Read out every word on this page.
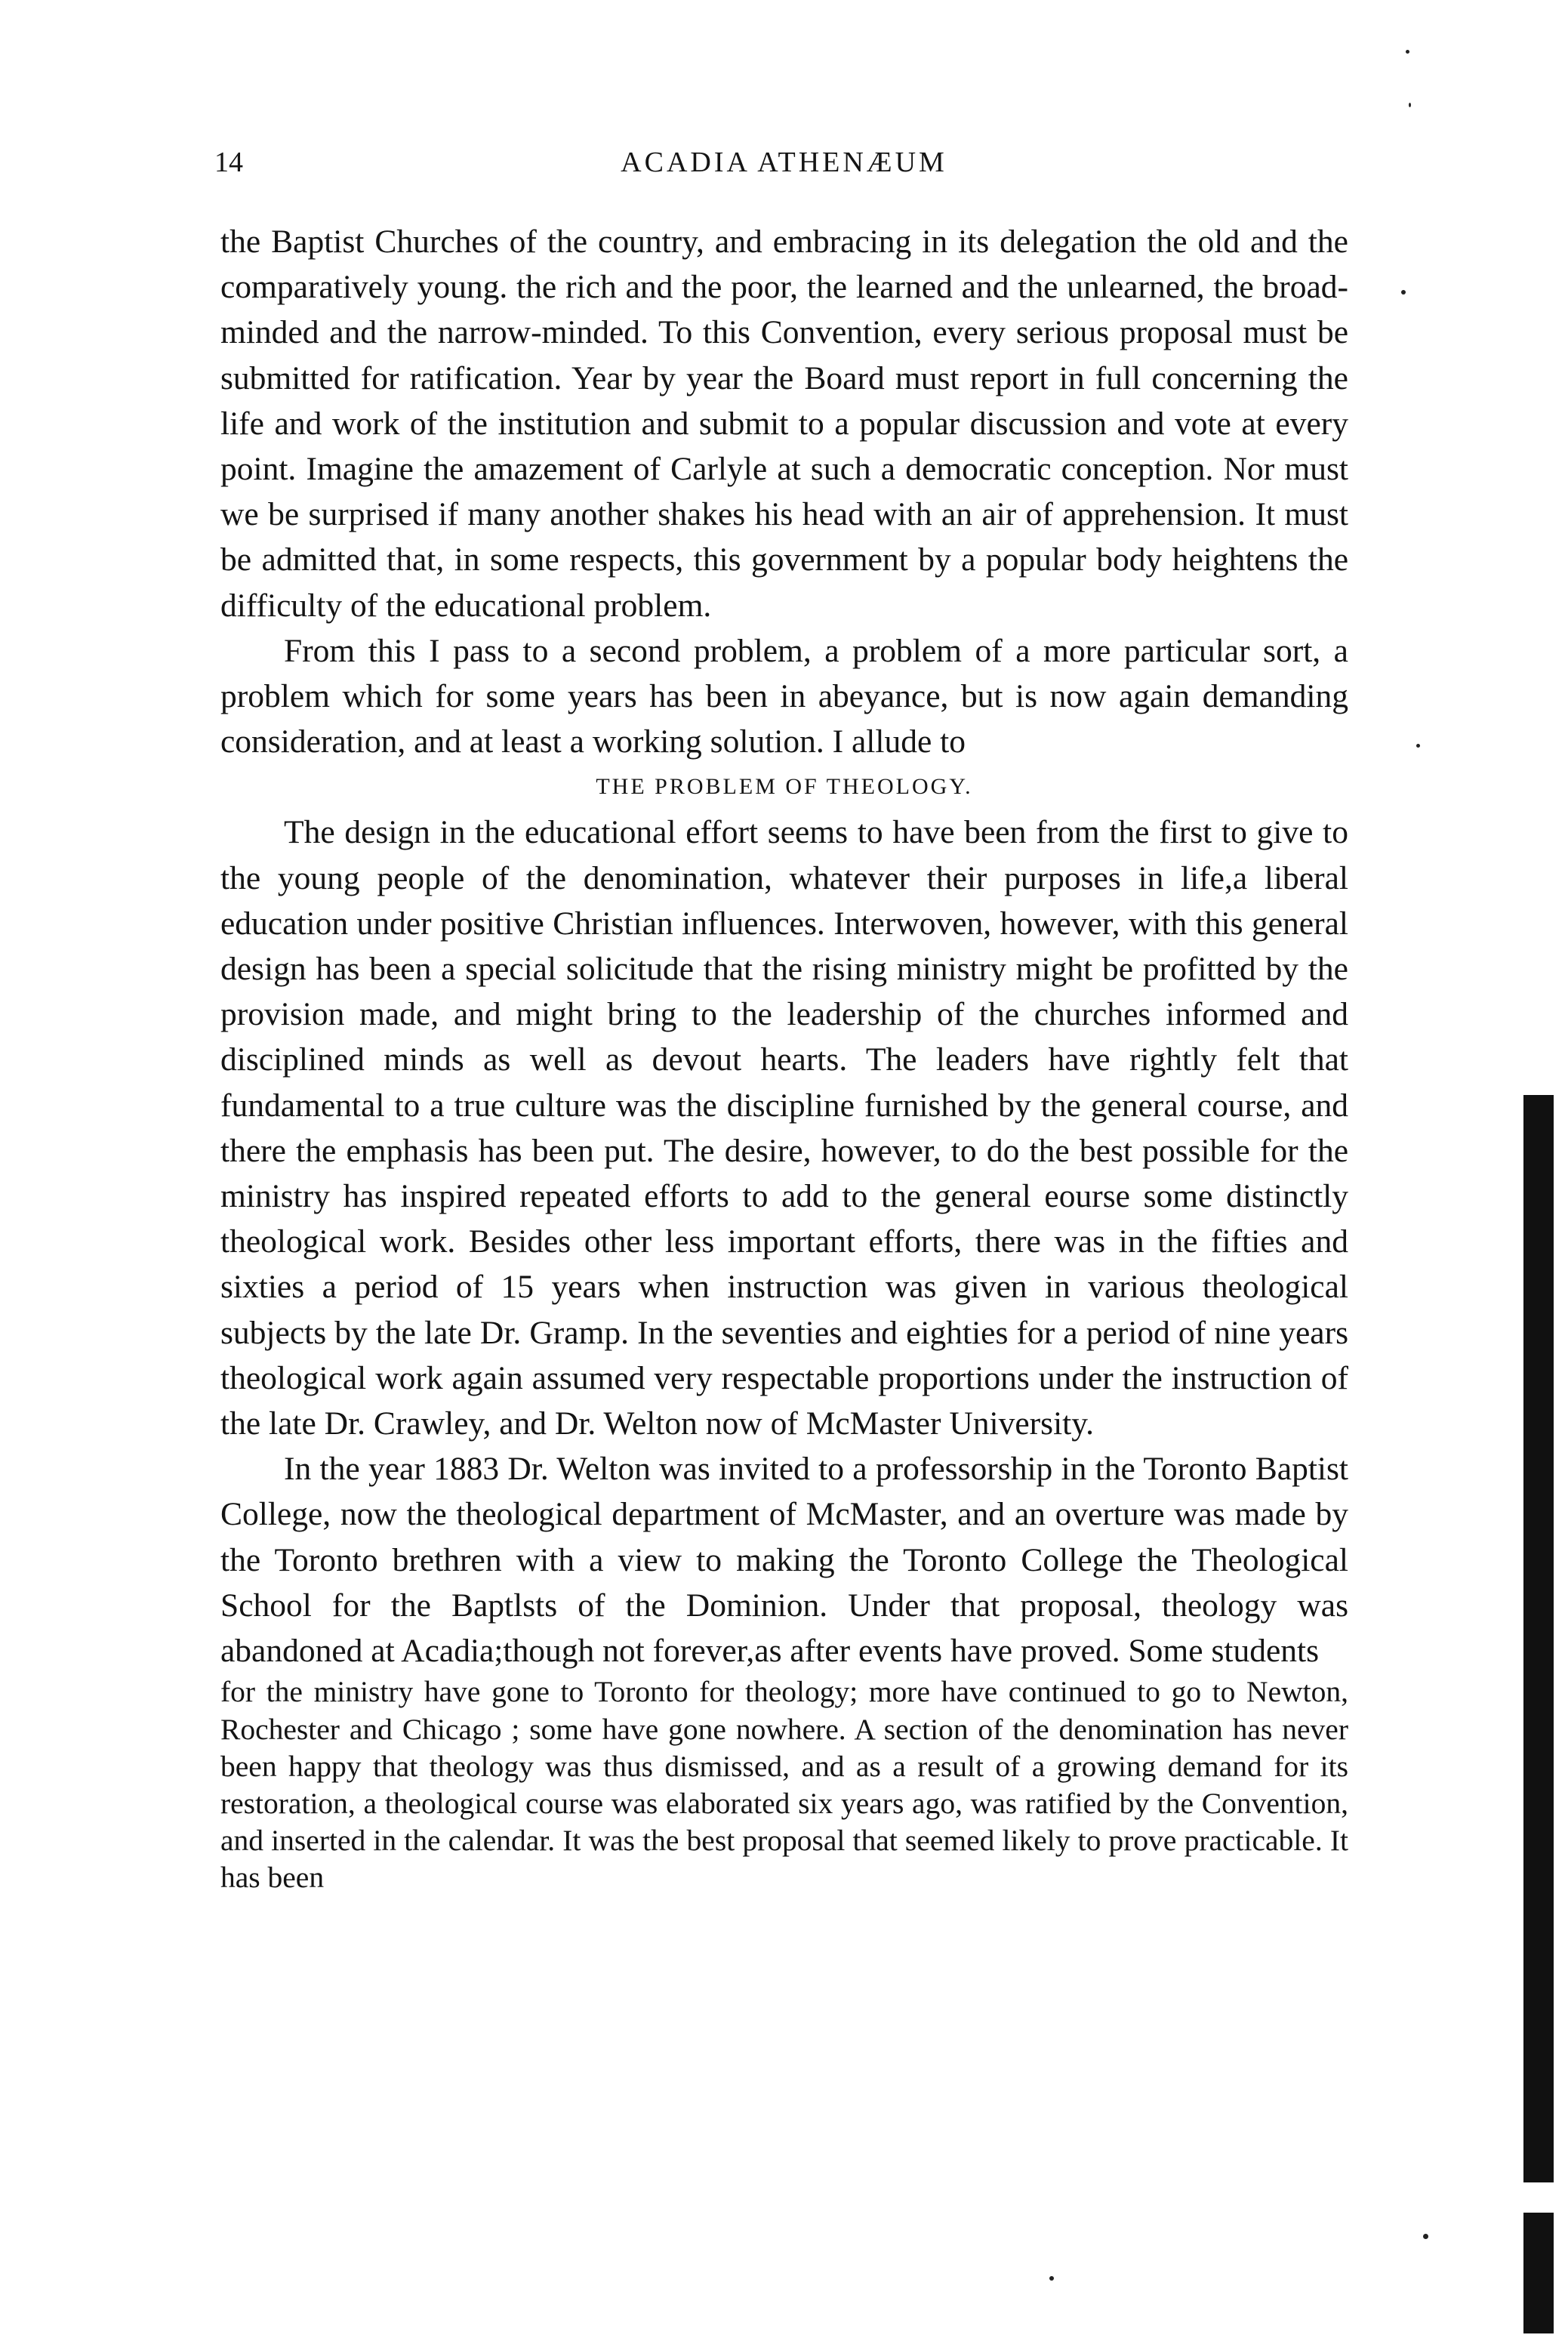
14	ACADIA ATHENÆUM

the Baptist Churches of the country, and embracing in its delegation the old and the comparatively young. the rich and the poor, the learned and the unlearned, the broad-minded and the narrow-minded. To this Convention, every serious proposal must be submitted for ratification. Year by year the Board must report in full concerning the life and work of the institution and submit to a popular discussion and vote at every point. Imagine the amazement of Carlyle at such a democratic conception. Nor must we be surprised if many another shakes his head with an air of apprehension. It must be admitted that, in some respects, this government by a popular body heightens the difficulty of the educational problem.

From this I pass to a second problem, a problem of a more particular sort, a problem which for some years has been in abeyance, but is now again demanding consideration, and at least a working solution. I allude to

THE PROBLEM OF THEOLOGY.

The design in the educational effort seems to have been from the first to give to the young people of the denomination, whatever their purposes in life,a liberal education under positive Christian influences. Interwoven, however, with this general design has been a special solicitude that the rising ministry might be profitted by the provision made, and might bring to the leadership of the churches informed and disciplined minds as well as devout hearts. The leaders have rightly felt that fundamental to a true culture was the discipline furnished by the general course, and there the emphasis has been put. The desire, however, to do the best possible for the ministry has inspired repeated efforts to add to the general eourse some distinctly theological work. Besides other less important efforts, there was in the fifties and sixties a period of 15 years when instruction was given in various theological subjects by the late Dr. Gramp. In the seventies and eighties for a period of nine years theological work again assumed very respectable proportions under the instruction of the late Dr. Crawley, and Dr. Welton now of McMaster University.

In the year 1883 Dr. Welton was invited to a professorship in the Toronto Baptist College, now the theological department of McMaster, and an overture was made by the Toronto brethren with a view to making the Toronto College the Theological School for the Baptlsts of the Dominion. Under that proposal, theology was abandoned at Acadia;though not forever,as after events have proved. Some students

for the ministry have gone to Toronto for theology; more have continued to go to Newton, Rochester and Chicago ; some have gone nowhere. A section of the denomination has never been happy that theology was thus dismissed, and as a result of a growing demand for its restoration, a theological course was elaborated six years ago, was ratified by the Convention, and inserted in the calendar. It was the best proposal that seemed likely to prove practicable. It has been
